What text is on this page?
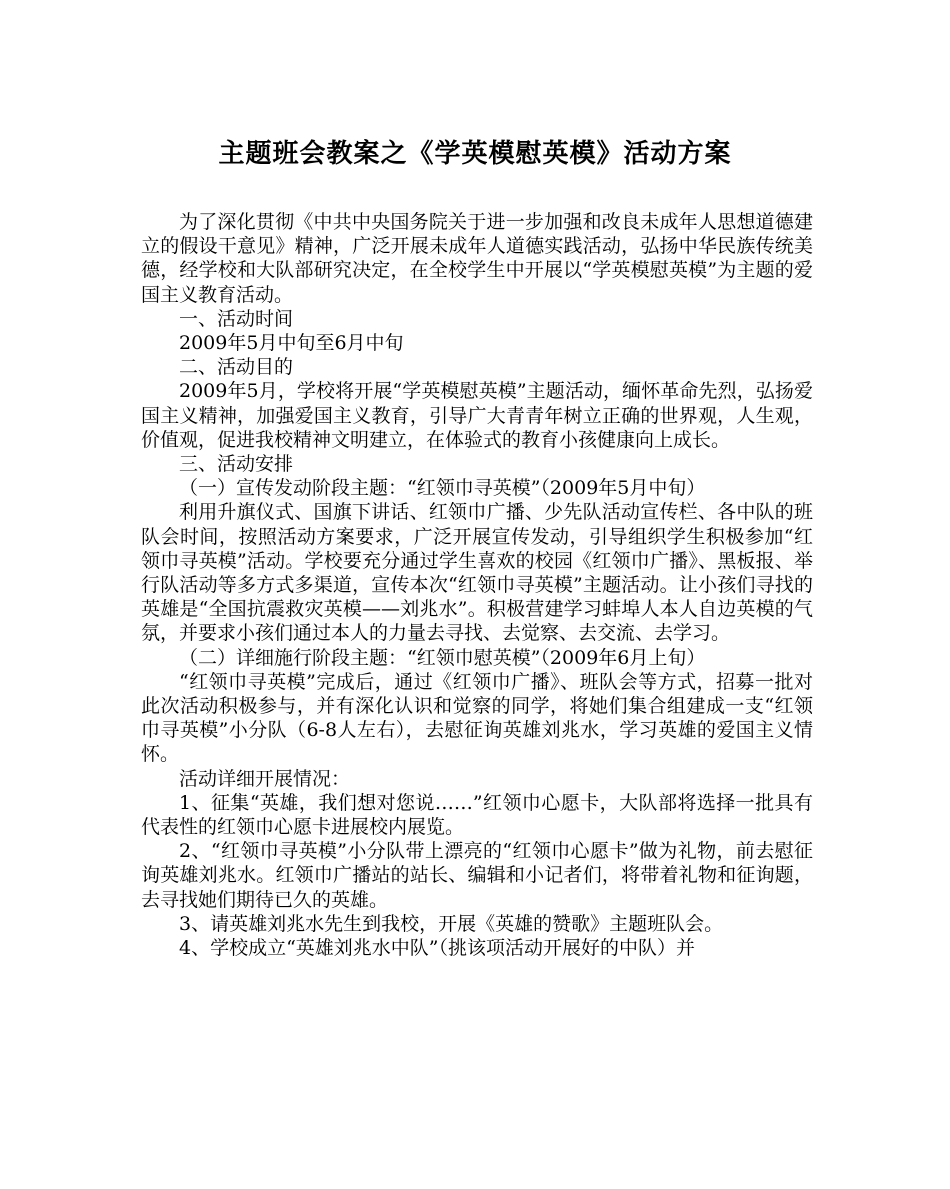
主题班会教案之《学英模慰英模》活动方案

为了深化贯彻《中共中央国务院关于进一步加强和改良未成年人思想道德建立的假设干意见》精神，广泛开展未成年人道德实践活动，弘扬中华民族传统美德，经学校和大队部研究决定，在全校学生中开展以“学英模慰英模”为主题的爱国主义教育活动。

一、活动时间

2009年5月中旬至6月中旬

二、活动目的

2009年5月，学校将开展“学英模慰英模”主题活动，缅怀革命先烈，弘扬爱国主义精神，加强爱国主义教育，引导广大青青年树立正确的世界观，人生观，价值观，促进我校精神文明建立，在体验式的教育小孩健康向上成长。

三、活动安排

（一）宣传发动阶段主题：“红领巾寻英模”（2009年5月中旬）

利用升旗仪式、国旗下讲话、红领巾广播、少先队活动宣传栏、各中队的班队会时间，按照活动方案要求，广泛开展宣传发动，引导组织学生积极参加“红领巾寻英模”活动。学校要充分通过学生喜欢的校园《红领巾广播》、黑板报、举行队活动等多方式多渠道，宣传本次“红领巾寻英模”主题活动。让小孩们寻找的英雄是“全国抗震救灾英模——刘兆水”。积极营建学习蚌埠人本人自边英模的气氛，并要求小孩们通过本人的力量去寻找、去觉察、去交流、去学习。

（二）详细施行阶段主题：“红领巾慰英模”（2009年6月上旬）

“红领巾寻英模”完成后，通过《红领巾广播》、班队会等方式，招募一批对此次活动积极参与，并有深化认识和觉察的同学，将她们集合组建成一支“红领巾寻英模”小分队（6-8人左右），去慰征询英雄刘兆水，学习英雄的爱国主义情怀。

活动详细开展情况：

1、征集“英雄，我们想对您说……”红领巾心愿卡，大队部将选择一批具有代表性的红领巾心愿卡进展校内展览。

2、“红领巾寻英模”小分队带上漂亮的“红领巾心愿卡”做为礼物，前去慰征询英雄刘兆水。红领巾广播站的站长、编辑和小记者们，将带着礼物和征询题，去寻找她们期待已久的英雄。

3、请英雄刘兆水先生到我校，开展《英雄的赞歌》主题班队会。

4、学校成立“英雄刘兆水中队”（挑该项活动开展好的中队）并
